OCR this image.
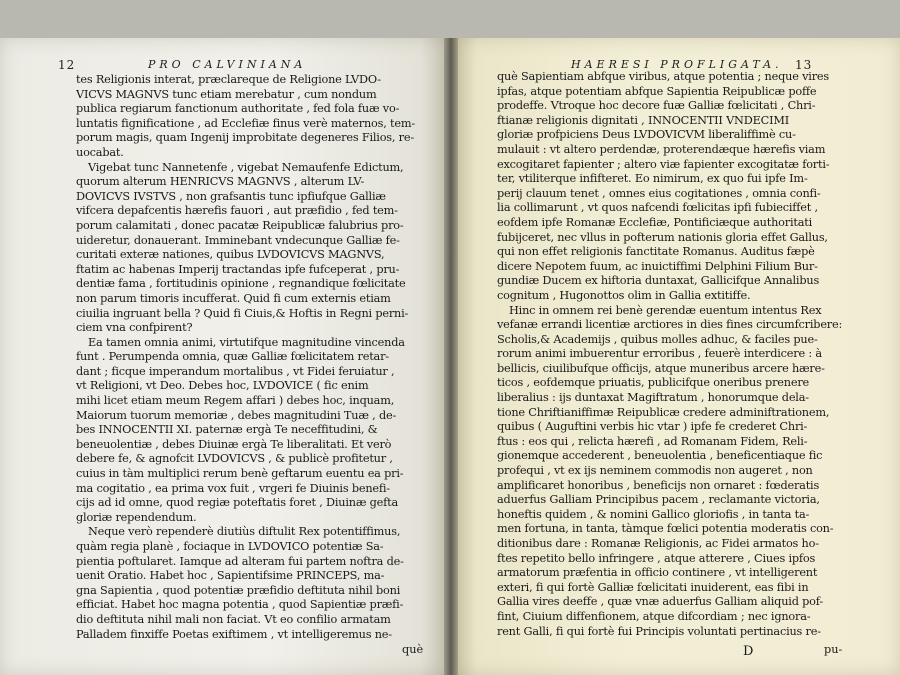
12	PRO CALVINIANA	HAERESI PROFLIGATA. 13
tes Religionis interat, præclareque de Religione LVDO-
VICVS MAGNVS tunc etiam merebatur , cum nondum
publica regiarum fanctionum authoritate , fed fola fuæ vo-
luntatis fignificatione , ad Ecclefiæ finus verè maternos, tem-
porum magis, quam Ingenij improbitate degeneres Filios, re-
uocabat.
Vigebat tunc Nannetenfe , vigebat Nemaufenfe Edictum,
quorum alterum HENRICVS MAGNVS , alterum LV-
DOVICVS IVSTVS , non grafsantis tunc ipfiufque Galliæ
vifcera depafcentis hærefis fauori , aut præfidio , fed tem-
porum calamitati , donec pacatæ Reipublicæ falubrius pro-
uideretur, donauerant. Imminebant vndecunque Galliæ fe-
curitati exteræ nationes, quibus LVDOVICVS MAGNVS,
ftatim ac habenas Imperij tractandas ipfe fufceperat , pru-
dentiæ fama , fortitudinis opinione , regnandique fœlicitate
non parum timoris incufferat. Quid fi cum externis etiam
ciuilia ingruant bella ? Quid fi Ciuis,& Hoftis in Regni perni-
ciem vna confpirent?
Ea tamen omnia animi, virtutifque magnitudine vincenda
funt . Perumpenda omnia, quæ Galliæ fœlicitatem retar-
dant ; ficque imperandum mortalibus , vt Fidei feruiatur ,
vt Religioni, vt Deo. Debes hoc, LVDOVICE ( fic enim
mihi licet etiam meum Regem affari ) debes hoc, inquam,
Maiorum tuorum memoriæ , debes magnitudini Tuæ , de-
bes INNOCENTII XI. paternæ ergà Te neceffitudini, &
beneuolentiæ , debes Diuinæ ergà Te liberalitati. Et verò
debere fe, & agnofcit LVDOVICVS , & publicè profitetur ,
cuius in tàm multiplici rerum benè geftarum euentu ea pri-
ma cogitatio , ea prima vox fuit , vrgeri fe Diuinis benefi-
cijs ad id omne, quod regiæ poteftatis foret , Diuinæ gefta
gloriæ rependendum.
Neque verò rependerè diutiùs diftulit Rex potentiffimus,
quàm regia planè , fociaque in LVDOVICO potentiæ Sa-
pientia poftularet. Iamque ad alteram fui partem noftra de-
uenit Oratio. Habet hoc , Sapientifsime PRINCEPS, ma-
gna Sapientia , quod potentiæ præfidio deftituta nihil boni
efficiat. Habet hoc magna potentia , quod Sapientiæ præfi-
dio deftituta nihil mali non faciat. Vt eo confilio armatam
Palladem finxiffe Poetas exiftimem , vt intelligeremus ne-
què
què Sapientiam abfque viribus, atque potentia ; neque vires
ipfas, atque potentiam abfque Sapientia Reipublicæ poffe
prodeffe. Vtroque hoc decore fuæ Galliæ fœlicitati , Chri-
ftianæ religionis dignitati , INNOCENTII VNDECIMI
gloriæ profpiciens Deus LVDOVICVM liberaliffimè cu-
mulauit : vt altero perdendæ, proterendæque hærefis viam
excogitaret fapienter ; altero viæ fapienter excogitatæ forti-
ter, vtiliterque infifteret. Eo nimirum, ex quo fui ipfe Im-
perij clauum tenet , omnes eius cogitationes , omnia confi-
lia collimarunt , vt quos nafcendi fœlicitas ipfi fubieciffet ,
eofdem ipfe Romanæ Ecclefiæ, Pontificiæque authoritati
fubijceret, nec vllus in pofterum nationis gloria effet Gallus,
qui non effet religionis fanctitate Romanus. Auditus fæpè
dicere Nepotem fuum, ac inuictiffimi Delphini Filium Bur-
gundiæ Ducem ex hiftoria duntaxat, Gallicifque Annalibus
cognitum , Hugonottos olim in Gallia extitiffe.
Hinc in omnem rei benè gerendæ euentum intentus Rex
vefanæ errandi licentiæ arctiores in dies fines circumfcribere:
Scholis,& Academijs , quibus molles adhuc, & faciles pue-
rorum animi imbuerentur erroribus , feuerè interdicere : à
bellicis, ciuilibufque officijs, atque muneribus arcere hære-
ticos , eofdemque priuatis, publicifque oneribus prenere
liberalius : ijs duntaxat Magiftratum , honorumque dela-
tione Chriftianiffimæ Reipublicæ credere adminiftrationem,
quibus ( Auguftini verbis hic vtar ) ipfe fe crederet Chri-
ftus : eos qui , relicta hærefi , ad Romanam Fidem, Reli-
gionemque accederent , beneuolentia , beneficentiaque fic
profequi , vt ex ijs neminem commodis non augeret , non
amplificaret honoribus , beneficijs non ornaret : fœderatis
aduerfus Galliam Principibus pacem , reclamante victoria,
honeftis quidem , & nomini Gallico gloriofis , in tanta ta-
men fortuna, in tanta, tàmque fœlici potentia moderatis con-
ditionibus dare : Romanæ Religionis, ac Fidei armatos ho-
ftes repetito bello infringere , atque atterere , Ciues ipfos
armatorum præfentia in officio continere , vt intelligerent
exteri, fi qui fortè Galliæ fœlicitati inuiderent, eas fibi in
Gallia vires deeffe , quæ vnæ aduerfus Galliam aliquid pof-
fint, Ciuium diffenfionem, atque difcordiam ; nec ignora-
rent Galli, fi qui fortè fui Principis voluntati pertinacius re-
D	pu-
